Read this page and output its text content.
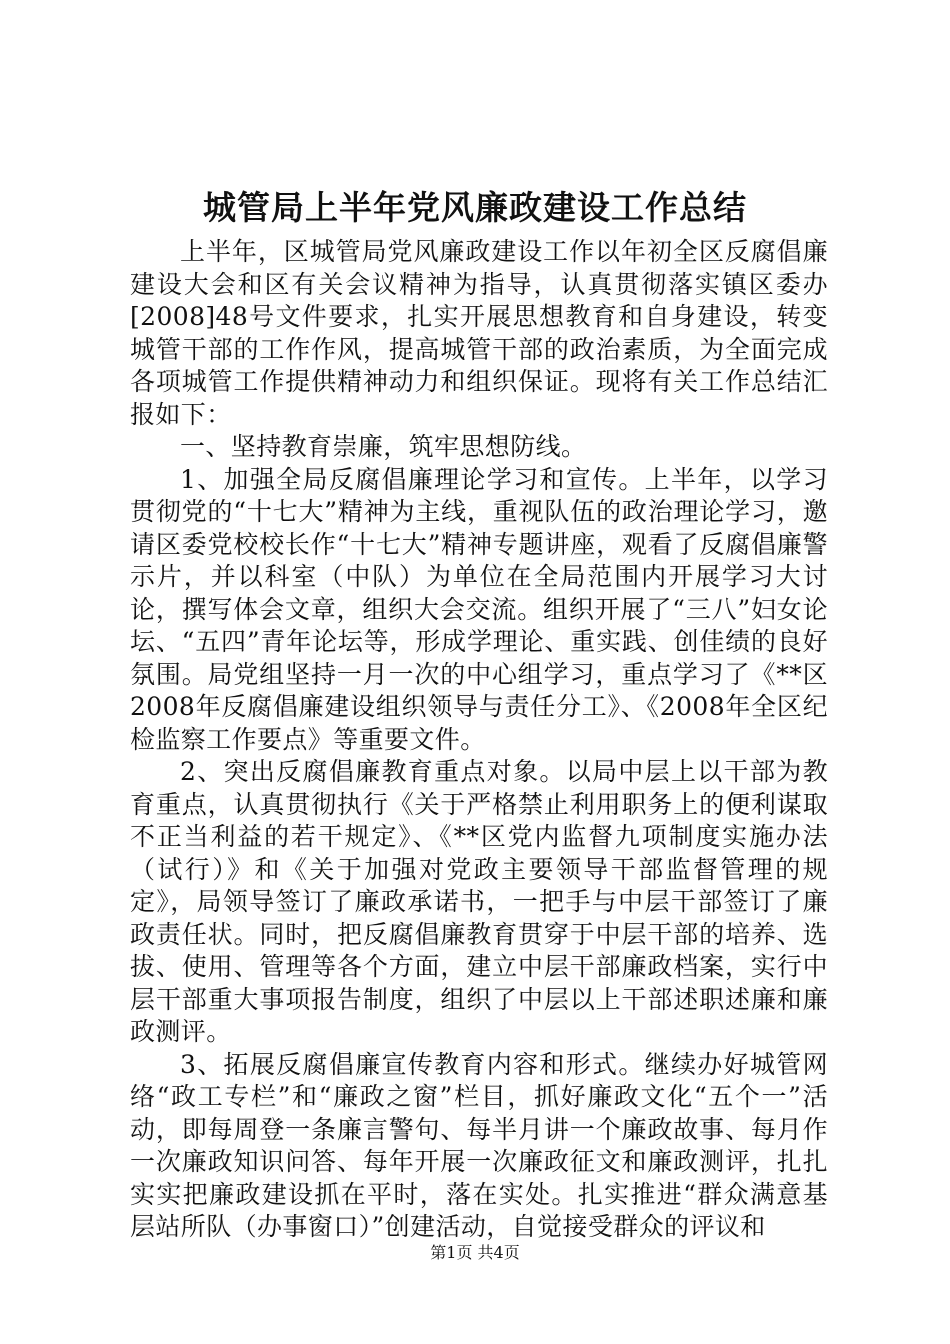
城管局上半年党风廉政建设工作总结

上半年，区城管局党风廉政建设工作以年初全区反腐倡廉建设大会和区有关会议精神为指导，认真贯彻落实镇区委办[2008]48号文件要求，扎实开展思想教育和自身建设，转变城管干部的工作作风，提高城管干部的政治素质，为全面完成各项城管工作提供精神动力和组织保证。现将有关工作总结汇报如下：

一、坚持教育崇廉，筑牢思想防线。

1、加强全局反腐倡廉理论学习和宣传。上半年，以学习贯彻党的“十七大”精神为主线，重视队伍的政治理论学习，邀请区委党校校长作“十七大”精神专题讲座，观看了反腐倡廉警示片，并以科室（中队）为单位在全局范围内开展学习大讨论，撰写体会文章，组织大会交流。组织开展了“三八”妇女论坛、“五四”青年论坛等，形成学理论、重实践、创佳绩的良好氛围。局党组坚持一月一次的中心组学习，重点学习了《**区2008年反腐倡廉建设组织领导与责任分工》、《2008年全区纪检监察工作要点》等重要文件。

2、突出反腐倡廉教育重点对象。以局中层上以干部为教育重点，认真贯彻执行《关于严格禁止利用职务上的便利谋取不正当利益的若干规定》、《**区党内监督九项制度实施办法（试行）》和《关于加强对党政主要领导干部监督管理的规定》，局领导签订了廉政承诺书，一把手与中层干部签订了廉政责任状。同时，把反腐倡廉教育贯穿于中层干部的培养、选拔、使用、管理等各个方面，建立中层干部廉政档案，实行中层干部重大事项报告制度，组织了中层以上干部述职述廉和廉政测评。

3、拓展反腐倡廉宣传教育内容和形式。继续办好城管网络“政工专栏”和“廉政之窗”栏目，抓好廉政文化“五个一”活动，即每周登一条廉言警句、每半月讲一个廉政故事、每月作一次廉政知识问答、每年开展一次廉政征文和廉政测评，扎扎实实把廉政建设抓在平时，落在实处。扎实推进“群众满意基层站所队（办事窗口）”创建活动，自觉接受群众的评议和

第1页 共4页
